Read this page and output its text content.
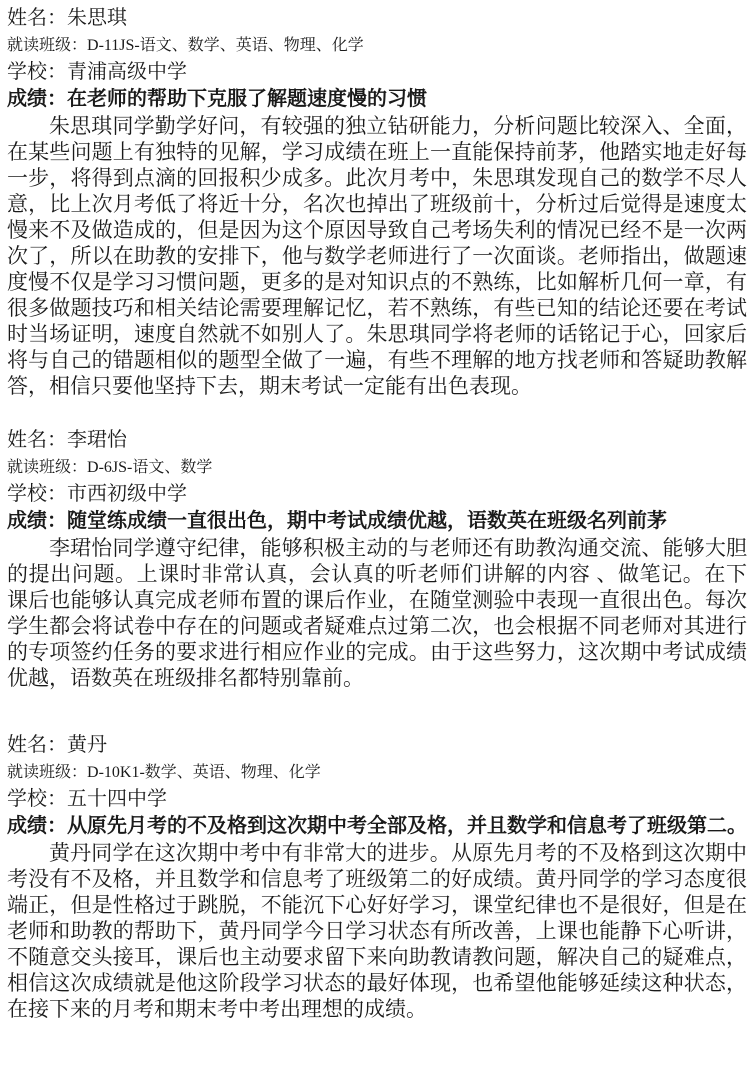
姓名：朱思琪
就读班级：D-11JS-语文、数学、英语、物理、化学
学校：青浦高级中学
成绩：在老师的帮助下克服了解题速度慢的习惯

朱思琪同学勤学好问，有较强的独立钻研能力，分析问题比较深入、全面，在某些问题上有独特的见解，学习成绩在班上一直能保持前茅，他踏实地走好每一步，将得到点滴的回报积少成多。此次月考中，朱思琪发现自己的数学不尽人意，比上次月考低了将近十分，名次也掉出了班级前十，分析过后觉得是速度太慢来不及做造成的，但是因为这个原因导致自己考场失利的情况已经不是一次两次了，所以在助教的安排下，他与数学老师进行了一次面谈。老师指出，做题速度慢不仅是学习习惯问题，更多的是对知识点的不熟练，比如解析几何一章，有很多做题技巧和相关结论需要理解记忆，若不熟练，有些已知的结论还要在考试时当场证明，速度自然就不如别人了。朱思琪同学将老师的话铭记于心，回家后将与自己的错题相似的题型全做了一遍，有些不理解的地方找老师和答疑助教解答，相信只要他坚持下去，期末考试一定能有出色表现。

姓名：李珺怡
就读班级：D-6JS-语文、数学
学校：市西初级中学
成绩：随堂练成绩一直很出色，期中考试成绩优越，语数英在班级名列前茅

李珺怡同学遵守纪律，能够积极主动的与老师还有助教沟通交流、能够大胆的提出问题。上课时非常认真，会认真的听老师们讲解的内容 、做笔记。在下课后也能够认真完成老师布置的课后作业，在随堂测验中表现一直很出色。每次学生都会将试卷中存在的问题或者疑难点过第二次，也会根据不同老师对其进行的专项签约任务的要求进行相应作业的完成。由于这些努力，这次期中考试成绩优越，语数英在班级排名都特别靠前。

姓名：黄丹
就读班级：D-10K1-数学、英语、物理、化学
学校：五十四中学
成绩：从原先月考的不及格到这次期中考全部及格，并且数学和信息考了班级第二。

黄丹同学在这次期中考中有非常大的进步。从原先月考的不及格到这次期中考没有不及格，并且数学和信息考了班级第二的好成绩。黄丹同学的学习态度很端正，但是性格过于跳脱，不能沉下心好好学习，课堂纪律也不是很好，但是在老师和助教的帮助下，黄丹同学今日学习状态有所改善，上课也能静下心听讲，不随意交头接耳，课后也主动要求留下来向助教请教问题，解决自己的疑难点，相信这次成绩就是他这阶段学习状态的最好体现，也希望他能够延续这种状态，在接下来的月考和期末考中考出理想的成绩。
